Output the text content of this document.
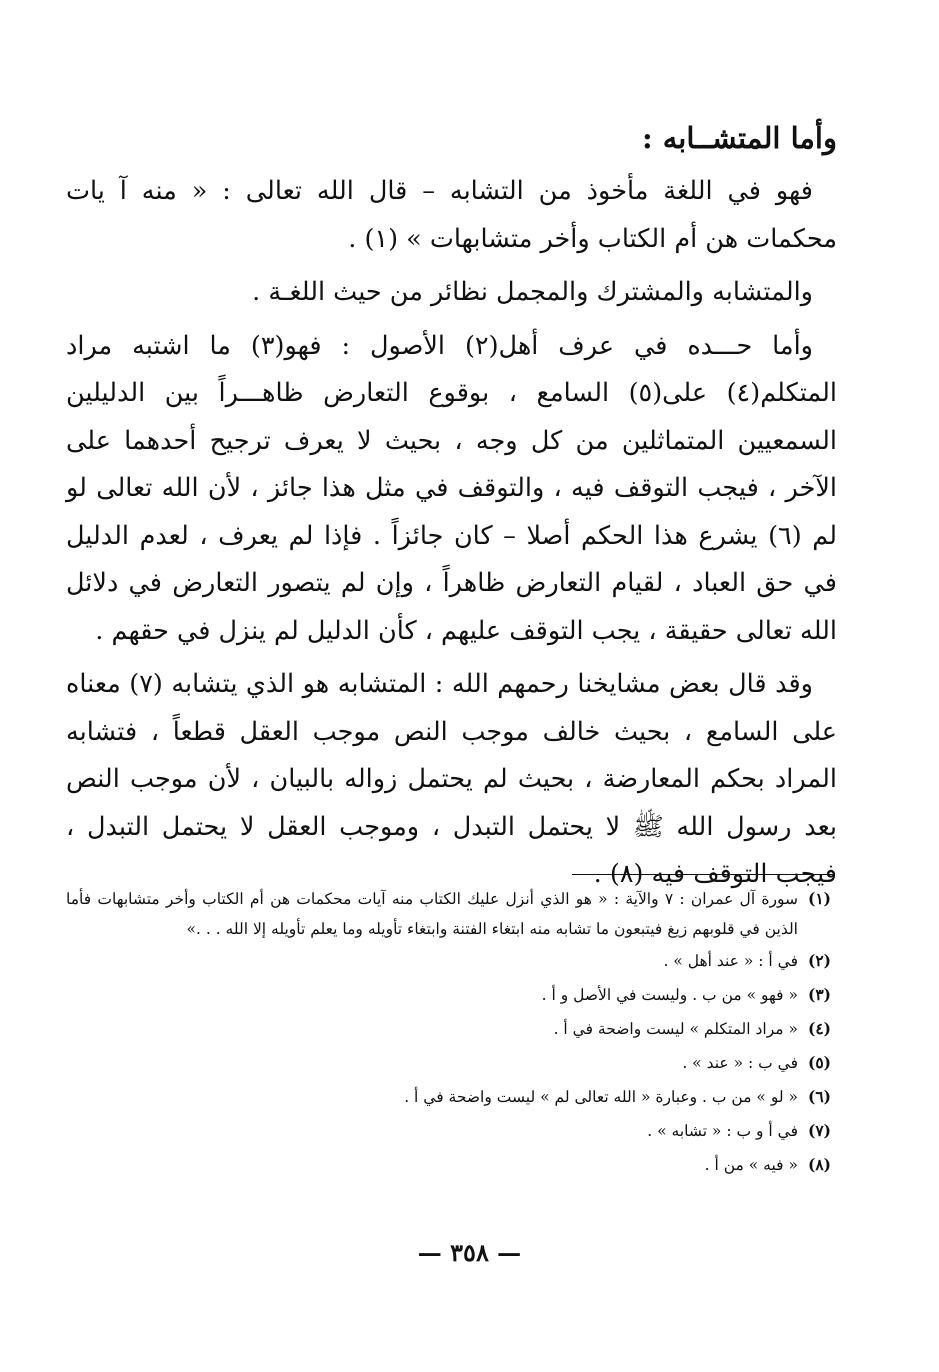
وأما المتشــابه :

فهو في اللغة مأخوذ من التشابه – قال الله تعالى : « منه آ يات محكمات هن أم الكتاب وأخر متشابهات » (١) .

والمتشابه والمشترك والمجمل نظائر من حيث اللغـة .

وأما حـــده في عرف أهل(٢) الأصول : فهو(٣) ما اشتبه مراد المتكلم(٤) على(٥) السامع ، بوقوع التعارض ظاهـــراً بين الدليلين السمعيين المتماثلين من كل وجه ، بحيث لا يعرف ترجيح أحدهما على الآخر ، فيجب التوقف فيه ، والتوقف في مثل هذا جائز ، لأن الله تعالى لو لم (٦) يشرع هذا الحكم أصلا – كان جائزاً . فإذا لم يعرف ، لعدم الدليل في حق العباد ، لقيام التعارض ظاهراً ، وإن لم يتصور التعارض في دلائل الله تعالى حقيقة ، يجب التوقف عليهم ، كأن الدليل لم ينزل في حقهم .

وقد قال بعض مشايخنا رحمهم الله : المتشابه هو الذي يتشابه (٧) معناه على السامع ، بحيث خالف موجب النص موجب العقل قطعاً ، فتشابه المراد بحكم المعارضة ، بحيث لم يحتمل زواله بالبيان ، لأن موجب النص بعد رسول الله ﷺ لا يحتمل التبدل ، وموجب العقل لا يحتمل التبدل ، فيجب التوقف فيه (٨) .

(١)
سورة آل عمران : ٧ والآية : « هو الذي أنزل عليك الكتاب منه آيات محكمات هن أم الكتاب وأخر متشابهات فأما الذين في قلوبهم زيغ فيتبعون ما تشابه منه ابتغاء الفتنة وابتغاء تأويله وما يعلم تأويله إلا الله . . .»
(٢)
في أ : « عند أهل » .
(٣)
« فهو » من ب . وليست في الأصل و أ .
(٤)
« مراد المتكلم » ليست واضحة في أ .
(٥)
في ب : « عند » .
(٦)
« لو » من ب . وعبارة « الله تعالى لم » ليست واضحة في أ .
(٧)
في أ و ب : « تشابه » .
(٨)
« فيه » من أ .
— ٣٥٨ —
